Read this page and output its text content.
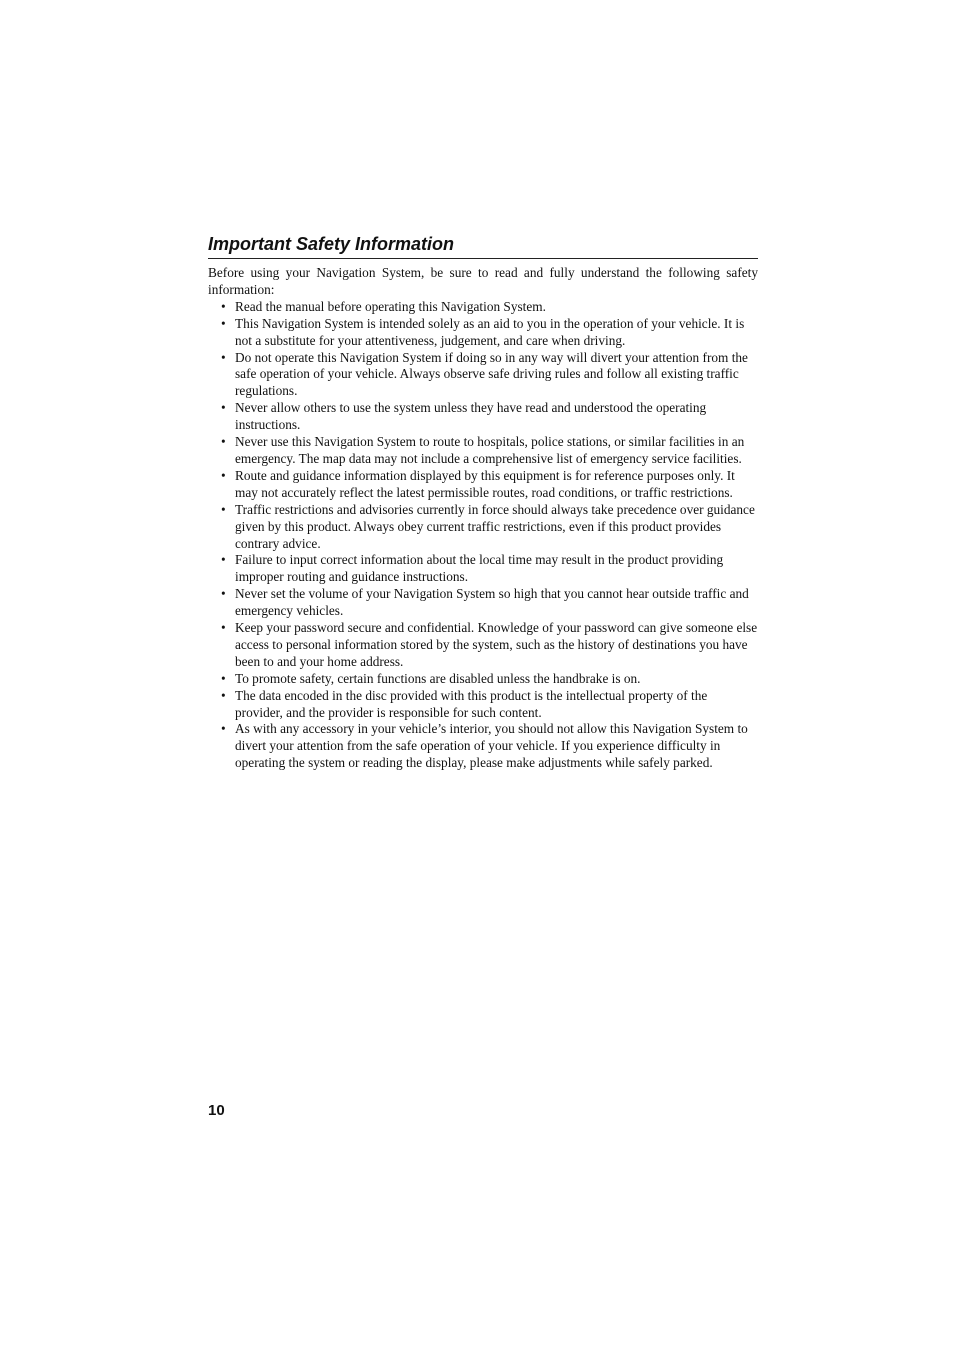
Important Safety Information

Before using your Navigation System, be sure to read and fully understand the following safety information:

• Read the manual before operating this Navigation System.
• This Navigation System is intended solely as an aid to you in the operation of your vehicle. It is not a substitute for your attentiveness, judgement, and care when driving.
• Do not operate this Navigation System if doing so in any way will divert your attention from the safe operation of your vehicle. Always observe safe driving rules and follow all existing traffic regulations.
• Never allow others to use the system unless they have read and understood the operating instructions.
• Never use this Navigation System to route to hospitals, police stations, or similar facilities in an emergency. The map data may not include a comprehensive list of emergency service facilities.
• Route and guidance information displayed by this equipment is for reference purposes only. It may not accurately reflect the latest permissible routes, road conditions, or traffic restrictions.
• Traffic restrictions and advisories currently in force should always take precedence over guidance given by this product. Always obey current traffic restrictions, even if this product provides contrary advice.
• Failure to input correct information about the local time may result in the product providing improper routing and guidance instructions.
• Never set the volume of your Navigation System so high that you cannot hear outside traffic and emergency vehicles.
• Keep your password secure and confidential. Knowledge of your password can give someone else access to personal information stored by the system, such as the history of destinations you have been to and your home address.
• To promote safety, certain functions are disabled unless the handbrake is on.
• The data encoded in the disc provided with this product is the intellectual property of the provider, and the provider is responsible for such content.
• As with any accessory in your vehicle’s interior, you should not allow this Navigation System to divert your attention from the safe operation of your vehicle. If you experience difficulty in operating the system or reading the display, please make adjustments while safely parked.
10
